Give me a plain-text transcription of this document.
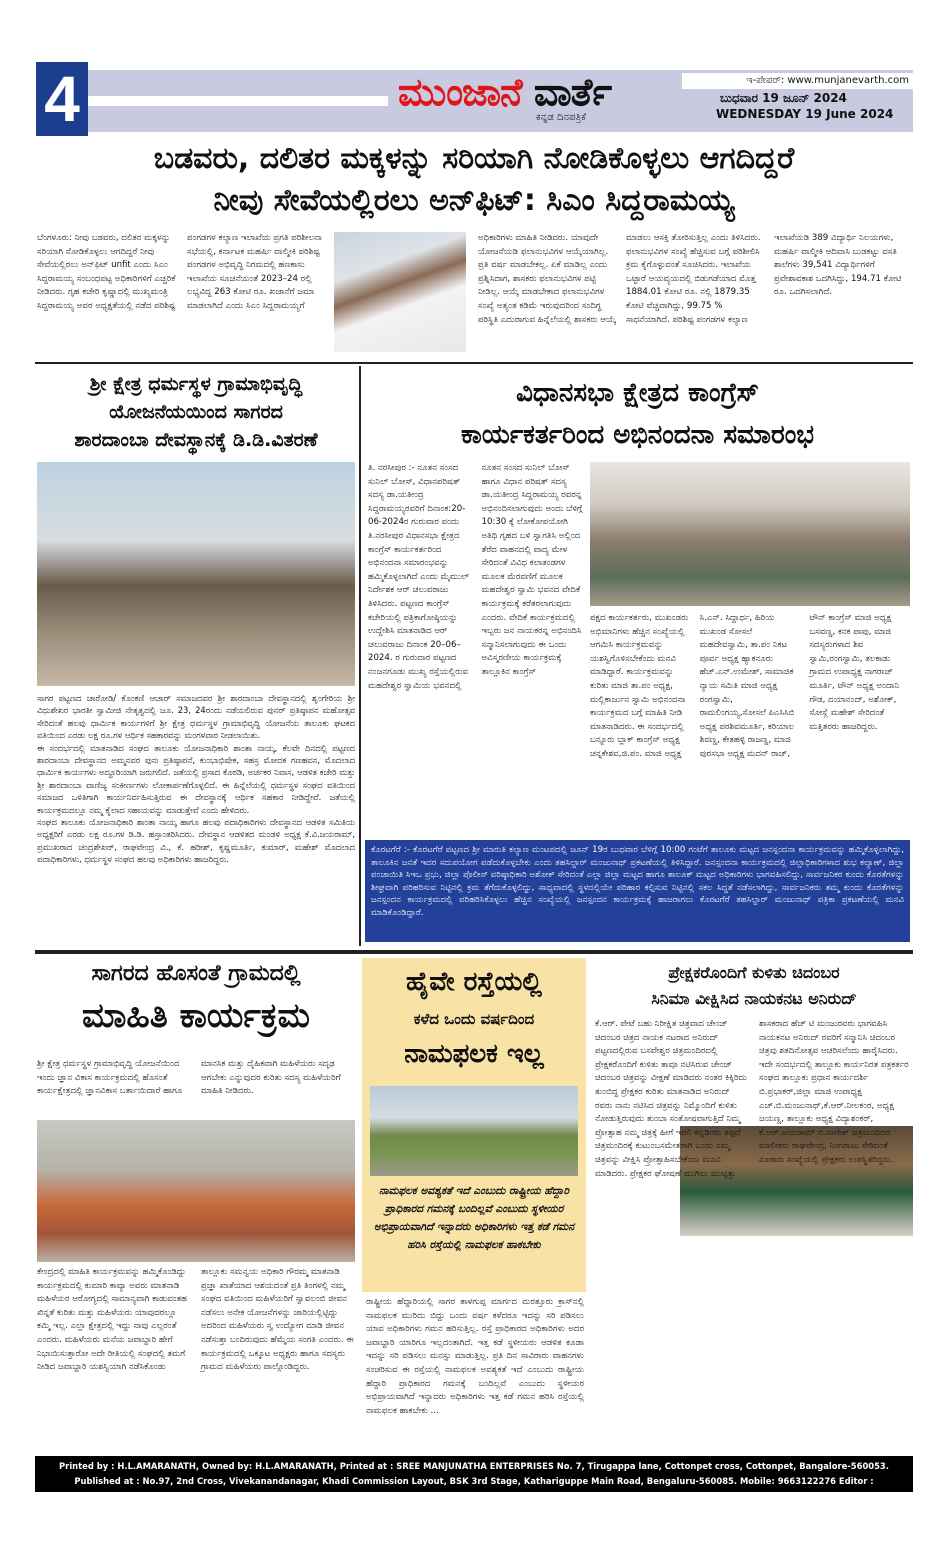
4	ಮುಂಜಾನೆ ವಾರ್ತೆ
ಕನ್ನಡ ದಿನಪತ್ರಿಕೆ
ಇ-ಪೇಪರ್: www.munjanevarth.com
ಬುಧವಾರ 19 ಜೂನ್ 2024
WEDNESDAY 19 June 2024
ಬಡವರು, ದಲಿತರ ಮಕ್ಕಳನ್ನು ಸರಿಯಾಗಿ ನೋಡಿಕೊಳ್ಳಲು ಆಗದಿದ್ದರೆ
ನೀವು ಸೇವೆಯಲ್ಲಿರಲು ಅನ್‌ಫಿಟ್: ಸಿಎಂ ಸಿದ್ದರಾಮಯ್ಯ
ಬೆಂಗಳೂರು: ನೀವು ಬಡವರು, ದಲಿತರ ಮಕ್ಕಳನ್ನು ಸರಿಯಾಗಿ ನೋಡಿಕೊಳ್ಳಲು ಆಗದಿದ್ದರೆ ನೀವು ಸೇವೆಯಲ್ಲಿರಲು ಅನ್‌ಫಿಟ್ unfit ಎಂದು ಸಿಎಂ ಸಿದ್ದರಾಮಯ್ಯ ಸಂಬಂಧಪಟ್ಟ ಅಧಿಕಾರಿಗಳಿಗೆ ಎಚ್ಚರಿಕೆ ನೀಡಿದರು. ಗೃಹ ಕಚೇರಿ ಕೃಷ್ಣಾದಲ್ಲಿ ಮುಖ್ಯಮಂತ್ರಿ ಸಿದ್ದರಾಮಯ್ಯ ಅವರ ಅಧ್ಯಕ್ಷತೆಯಲ್ಲಿ ನಡೆದ ಪರಿಶಿಷ್ಟ ಪಂಗಡಗಳ ಕಲ್ಯಾಣ ಇಲಾಖೆಯ ಪ್ರಗತಿ ಪರಿಶೀಲನಾ ಸಭೆಯಲ್ಲಿ, ಕರ್ನಾಟಕ ಮಹರ್ಷಿ ವಾಲ್ಮೀಕಿ ಪರಿಶಿಷ್ಟ ಪಂಗಡಗಳ ಅಭಿವೃದ್ಧಿ ನಿಗಮದಲ್ಲಿ ಹಣಕಾಸು ಇಲಾಖೆಯ ಸೂಚನೆಯಂತೆ 2023–24 ರಲ್ಲಿ ಲಭ್ಯವಿದ್ದ 263 ಕೋಟಿ ರೂ. ಖಜಾನೆಗೆ ಜಮಾ ಮಾಡಲಾಗಿದೆ ಎಂದು ಸಿಎಂ ಸಿದ್ದರಾಮಯ್ಯಗೆ
ಅಧಿಕಾರಿಗಳು ಮಾಹಿತಿ ನೀಡಿದರು. ಯಾವುದೇ ಯೋಜನೆಯಡಿ ಫಲಾನುಭವಿಗಳ ಆಯ್ಕೆಯಾಗಿಲ್ಲ. ಪ್ರತಿ ವರ್ಷ ಮಾಡಬೇಕಲ್ಲ. ಏಕೆ ಮಾಡಿಲ್ಲ ಎಂದು ಪ್ರಶ್ನಿಸಿದಾಗ, ಶಾಸಕರು ಫಲಾನುಭವಿಗಳ ಪಟ್ಟಿ ನೀಡಿಲ್ಲ. ಆಯ್ಕೆ ಮಾಡಬೇಕಾದ ಫಲಾನುಭವಿಗಳ ಸಂಖ್ಯೆ ಅತ್ಯಂತ ಕಡಿಮೆ ಇರುವುದರಿಂದ ಸಂದಿಗ್ಧ ಪರಿಸ್ಥಿತಿ ಎದುರಾಗುವ ಹಿನ್ನೆಲೆಯಲ್ಲಿ ಶಾಸಕರು ಆಯ್ಕೆ ಮಾಡಲು ಆಸಕ್ತಿ ತೋರಿಸುತ್ತಿಲ್ಲ ಎಂದು ತಿಳಿಸಿದರು. ಫಲಾನುಭವಿಗಳ ಸಂಖ್ಯೆ ಹೆಚ್ಚಿಸುವ ಬಗ್ಗೆ ಪರಿಶೀಲಿಸಿ ಕ್ರಮ ಕೈಗೊಳ್ಳುವಂತೆ ಸೂಚಿಸಿದರು. ಇಲಾಖೆಯ ಒಟ್ಟಾರೆ ಆಯವ್ಯಯದಲ್ಲಿ ಬಿಡುಗಡೆಯಾದ ಮೊತ್ತ 1884.01 ಕೋಟಿ ರೂ. ನಲ್ಲಿ 1879.35 ಕೋಟಿ ವೆಚ್ಚವಾಗಿದ್ದು, 99.75 % ಸಾಧನೆಯಾಗಿದೆ. ಪರಿಶಿಷ್ಟ ಪಂಗಡಗಳ ಕಲ್ಯಾಣ ಇಲಾಖೆಯಡಿ 389 ವಿದ್ಯಾರ್ಥಿ ನಿಲಯಗಳು, ಮಹರ್ಷಿ ವಾಲ್ಮೀಕಿ ಆದಿವಾಸಿ ಬುಡಕಟ್ಟು ವಸತಿ ಶಾಲೆಗಳು 39,541 ವಿದ್ಯಾರ್ಥಿಗಳಿಗೆ ಪ್ರವೇಶಾವಕಾಶ ಒದಗಿಸಿದ್ದು, 194.71 ಕೋಟಿ ರೂ. ಒದಗಿಸಲಾಗಿದೆ.
ಶ್ರೀ ಕ್ಷೇತ್ರ ಧರ್ಮಸ್ಥಳ ಗ್ರಾಮಾಭಿವೃದ್ಧಿ
ಯೋಜನೆಯಯಿಂದ ಸಾಗರದ
ಶಾರದಾಂಬಾ ದೇವಸ್ಥಾನಕ್ಕೆ ಡಿ.ಡಿ.ವಿತರಣೆ
ಸಾಗರ ಪಟ್ಟಣದ ಚಾರೋಡಿ/ ಕೊಂಕಣಿ ಆಚಾರ್ ಸಮಾಜದವರ ಶ್ರೀ ಶಾರದಾಂಬಾ ದೇವಸ್ಥಾನದಲ್ಲಿ ಶೃಂಗೇರಿಯ ಶ್ರೀ ವಿಧುಶೇಖರ ಭಾರತೀ ಸ್ವಾಮೀಜಿ ನೇತೃತ್ವದಲ್ಲಿ ಜೂ. 23, 24ರಂದು ನಡೆಯಲಿರುವ ಪುನರ್ ಪ್ರತಿಷ್ಠಾಪನ ಮಹೋತ್ಸವ ಸೇರಿದಂತೆ ಹಲವು ಧಾರ್ಮಿಕ ಕಾರ್ಯಗಳಿಗೆ ಶ್ರೀ ಕ್ಷೇತ್ರ ಧರ್ಮಸ್ಥಳ ಗ್ರಾಮಾಭಿವೃದ್ಧಿ ಯೋಜನೆಯ ತಾಲೂಕು ಘಟಕದ ವತಿಯಿಂದ ಎರಡು ಲಕ್ಷ ರೂ.ಗಳ ಆರ್ಥಿಕ ಸಹಕಾರವನ್ನು ಮಂಗಳವಾರ ನೀಡಲಾಯಿತು.
ಈ ಸಂದರ್ಭದಲ್ಲಿ ಮಾತನಾಡಿದ ಸಂಘದ ತಾಲೂಕು ಯೋಜನಾಧಿಕಾರಿ ಶಾಂತಾ ನಾಯ್ಕ, ಕೆಲವೇ ದಿನದಲ್ಲಿ ಪಟ್ಟಣದ ಶಾರದಾಂಬಾ ದೇವಸ್ಥಾನದ ಅಮ್ಮನವರ ಪುನಃ ಪ್ರತಿಷ್ಠಾಪನೆ, ಕುಂಭಾಭಿಷೇಕ, ಸಹಸ್ರ ಮೋದಕ ಗಣಹವನ, ಮೊದಲಾದ ಧಾರ್ಮಿಕ ಕಾರ್ಯಗಳು ಅದ್ಧೂರಿಯಾಗಿ ಜರುಗಲಿದೆ. ಜತೆಯಲ್ಲಿ ಪ್ರಸಾದ ಕೊಠಡಿ, ಅರ್ಚಕರ ನಿವಾಸ, ಆಡಳಿತ ಕಚೇರಿ ಮತ್ತು ಶ್ರೀ ಶಾರದಾಂಬಾ ವಾಣಿಜ್ಯ ಸಂಕೀರ್ಣಗಳು ಲೋಕಾರ್ಪಣೆಗೊಳ್ಳಲಿದೆ. ಈ ಹಿನ್ನೆಲೆಯಲ್ಲಿ ಧರ್ಮಸ್ಥಳ ಸಂಘದ ವತಿಯಿಂದ ಸಮಾಜದ ಒಳಿತಿಗಾಗಿ ಕಾರ್ಯನಿರ್ವಹಿಸುತ್ತಿರುವ ಈ ದೇವಸ್ಥಾನಕ್ಕೆ ಆರ್ಥಿಕ ಸಹಕಾರ ನೀಡಿದ್ದೇವೆ. ಜತೆಯಲ್ಲಿ ಕಾರ್ಯಕ್ರಮದಲ್ಲೂ ನಮ್ಮ ಕೈಲಾದ ಸಹಾಯವನ್ನು ಮಾಡುತ್ತೇವೆ ಎಂದು ಹೇಳಿದರು.
ಸಂಘದ ತಾಲೂಕು ಯೋಜನಾಧಿಕಾರಿ ಶಾಂತಾ ನಾಯ್ಕ ಹಾಗೂ ಹಲವು ಪದಾಧಿಕಾರಿಗಳು ದೇವಸ್ಥಾನದ ಆಡಳಿತ ಸಮಿತಿಯ ಅಧ್ಯಕ್ಷರಿಗೆ ಎರಡು ಲಕ್ಷ ರೂ.ಗಳ ಡಿ.ಡಿ. ಹಸ್ತಾಂತರಿಸಿದರು. ದೇವಸ್ಥಾನ ಆಡಳಿತದ ಮಂಡಳಿ ಅಧ್ಯಕ್ಷ ಕೆ.ವಿ.ಜಯರಾಮ್, ಪ್ರಮುಖರಾದ ಚಂದ್ರಶೇಖರ್, ರಾಘವೇಂದ್ರ ವಿ., ಕೆ. ಹರೀಶ್, ಕೃಷ್ಣಮೂರ್ತಿ, ಕುಮಾರ್, ಮಹೇಶ್ ಮೊದಲಾದ ಪದಾಧಿಕಾರಿಗಳು, ಧರ್ಮಸ್ಥಳ ಸಂಘದ ಹಲವು ಅಧಿಕಾರಿಗಳು ಹಾಜರಿದ್ದರು.
ವಿಧಾನಸಭಾ ಕ್ಷೇತ್ರದ ಕಾಂಗ್ರೆಸ್
ಕಾರ್ಯಕರ್ತರಿಂದ ಅಭಿನಂದನಾ ಸಮಾರಂಭ
ತಿ. ನರಸೀಪುರ :- ನೂತನ ಸಂಸದ ಸುನಿಲ್ ಬೋಸ್, ವಿಧಾನಪರಿಷತ್ ಸದಸ್ಯ ಡಾ.ಯತೀಂದ್ರ ಸಿದ್ದರಾಮಯ್ಯರವರಿಗೆ ದಿನಾಂಕ:20-06-2024ರ ಗುರುವಾರ ಪಂದು ತಿ.ನರಸೀಪುರ ವಿಧಾನಸಭಾ ಕ್ಷೇತ್ರದ ಕಾಂಗ್ರೆಸ್ ಕಾರ್ಯಕರ್ತರಿಂದ ಅಭಿನಂದನಾ ಸಮಾರಂಭವನ್ನು ಹಮ್ಮಿಕೊಳ್ಳಲಾಗಿದೆ ಎಂದು ಮೈಮುಲ್ ನಿರ್ದೇಶಕ ಆರ್ ಚಲುವರಾಜು ತಿಳಿಸಿದರು. ಪಟ್ಟಣದ ಕಾಂಗ್ರೆಸ್ ಕಚೇರಿಯಲ್ಲಿ ಪತ್ರಿಕಾಗೋಷ್ಠಿಯನ್ನು ಉದ್ದೇಶಿಸಿ ಮಾತನಾಡಿದ ಆರ್ ಚಲುವರಾಜು ದಿನಾಂಕ 20–06–2024. ರ ಗುರುವಾರ ಪಟ್ಟಣದ ನಂಜನಗೂಡು ಮುಖ್ಯ ರಸ್ತೆಯಲ್ಲಿರುವ ಮಹದೇಶ್ವರ ಸ್ವಾಮಿಯ ಭವನದಲ್ಲಿ ನೂತನ ಸಂಸದ ಸುನಿಲ್ ಬೋಸ್ ಹಾಗೂ ವಿಧಾನ ಪರಿಷತ್ ಸದಸ್ಯ ಡಾ.ಯತೀಂದ್ರ ಸಿದ್ದರಾಮಯ್ಯ ರವರನ್ನ ಅಭಿನಂದಿಸಲಾಗುವುದು ಅಂದು ಬೆಳಿಗ್ಗೆ 10:30 ಕ್ಕೆ ಲೋಕೋಪಯೋಗಿ ಅತಿಥಿ ಗೃಹದ ಬಳಿ ಸ್ವಾಗತಿಸಿ ಅಲ್ಲಿಂದ ತೆರೆದ ವಾಹನದಲ್ಲಿ ವಾದ್ಯ ಮೇಳ ಸೇರಿದಂತೆ ವಿವಿಧ ಕಲಾತಂಡಗಳ ಮೂಲಕ ಮೆರವಣಿಗೆ ಮೂಲಕ ಮಹದೇಶ್ವರ ಸ್ವಾಮಿ ಭವನದ ವೇದಿಕೆ ಕಾರ್ಯಕ್ರಮಕ್ಕೆ ಕರೆತರಲಾಗುವುದು ಎಂದರು. ವೇದಿಕೆ ಕಾರ್ಯಕ್ರಮದಲ್ಲಿ ಇಬ್ಬರು ಜನ ನಾಯಕರನ್ನ ಅಭಿನಂದಿಸಿ ಸನ್ಮಾನಿಸಲಾಗುವುದು ಈ ಒಂದು ಅವಿಸ್ಮರಣೀಯ ಕಾರ್ಯಕ್ರಮಕ್ಕೆ ತಾಲ್ಲೂಕಿನ ಕಾಂಗ್ರೆಸ್
ಪಕ್ಷದ ಕಾರ್ಯಕರ್ತರು, ಮುಖಂಡರು ಅಭಿಮಾನಿಗಳು ಹೆಚ್ಚಿನ ಸಂಖ್ಯೆಯಲ್ಲಿ ಆಗಮಿಸಿ ಕಾರ್ಯಕ್ರಮವನ್ನು ಯಶಸ್ವಿಗೊಳಿಸಬೇಕೆಂದು ಮನವಿ ಮಾಡಿದ್ದಾರೆ. ಕಾರ್ಯಕ್ರಮವನ್ನು ಕುರಿತು ಮಾಜಿ ತಾ.ಪಂ ಅಧ್ಯಕ್ಷ, ಮಲ್ಲಿಕಾರ್ಜುನ ಸ್ವಾಮಿ ಅಭಿನಂದನಾ ಕಾರ್ಯಕ್ರಮದ ಬಗ್ಗೆ ಮಾಹಿತಿ ನೀಡಿ ಮಾತನಾಡಿದರು. ಈ ಸಂದರ್ಭದಲ್ಲಿ ಬನ್ನೂರು ಬ್ಲಾಕ್ ಕಾಂಗ್ರೆಸ್ ಅಧ್ಯಕ್ಷ ಚನ್ನಕೇಶವ,ಜಿ.ಪಂ. ಮಾಜಿ ಅಧ್ಯಕ್ಷ ಸಿ.ಎನ್. ಸಿದ್ದಾರ್ಥ, ಹಿರಿಯ ಮುಖಂಡ ಸೋಸಲೆ ಮಹದೇವಸ್ವಾಮಿ, ತಾ.ಪಂ ನಿಕಟ ಪೂರ್ವ ಅಧ್ಯಕ್ಷ ಹ್ಯಾಕನೂರು ಹೆಚ್.ಎನ್.ಉಮೇಶ್, ಸಾಮಾಜಿಕ ನ್ಯಾಯ ಸಮಿತಿ ಮಾಜಿ ಅಧ್ಯಕ್ಷ ರಂಗಸ್ವಾಮಿ, ರಾಮಲಿಂಗಯ್ಯ,ಸೋಸಲೆ ಪಿಎಸಿಸಿಬಿ ಅಧ್ಯಕ್ಷ ಪರಶಿವಮೂರ್ತಿ, ಕರಿಯಾಲ ಶಿವಣ್ಣ, ಕೇತಹಳ್ಳಿ ರಾಜಣ್ಣ, ಮಾಜಿ ಪುರಸಭಾ ಅಧ್ಯಕ್ಷ ಮದನ್ ರಾಜ್, ಟೌನ್ ಕಾಂಗ್ರೆಸ್ ಮಾಜಿ ಅಧ್ಯಕ್ಷ ಬಸವಣ್ಣ, ಕನಕ ಪಾಪು, ಮಾಜಿ ಸದಸ್ಯರುಗಳಾದ ಶಿವ ಸ್ವಾಮಿ,ರಂಗಸ್ವಾಮಿ, ತಲಕಾಡು ಗ್ರಾಮದ ಉಪಾಧ್ಯಕ್ಷ ನಾಗರಾಜ್ ಮೂರ್ತಿ, ಟೌನ್ ಅಧ್ಯಕ್ಷ ಅಂದಾನಿ ಗೌಡ, ದಯಾನಂದ್, ಅಶೋಕ್, ಸೋಸ್ಲೆ ಮಹೇಶ್ ಸೇರಿದಂತೆ ಮತ್ತಿತರರು ಹಾಜರಿದ್ದರು.
ಕೊರಟಗೆರೆ :- ಕೊರಟಗೆರೆ ಪಟ್ಟಣದ ಶ್ರೀ ಮಾರುತಿ ಕಲ್ಯಾಣ ಮಂಟಪದಲ್ಲಿ ಜೂನ್ 19ರ ಬುಧವಾರ ಬೆಳಿಗ್ಗೆ 10:00 ಗಂಟೆಗೆ ತಾಲೂಕು ಮಟ್ಟದ ಜನಸ್ಪಂದನಾ ಕಾರ್ಯಕ್ರಮವನ್ನು ಹಮ್ಮಿಕೊಳ್ಳಲಾಗಿದ್ದು, ತಾಲೂಕಿನ ಜನತೆ ಇದರ ಸದುಪಯೋಗ ಪಡೆದುಕೊಳ್ಳಬೇಕು ಎಂದು ತಹಸಿಲ್ದಾರ್ ಮಂಜುನಾಥ್ ಪ್ರಕಟಣೆಯಲ್ಲಿ ತಿಳಿಸಿದ್ದಾರೆ. ಜನಸ್ಪಂದನಾ ಕಾರ್ಯಕ್ರಮದಲ್ಲಿ ಜಿಲ್ಲಾಧಿಕಾರಿಗಳಾದ ಶುಭ ಕಲ್ಯಾಣ್, ಜಿಲ್ಲಾ ಪಂಚಾಯಿತಿ ಸಿಇಒ ಪ್ರಭು, ಜಿಲ್ಲಾ ಪೊಲೀಸ್ ವರಿಷ್ಠಾಧಿಕಾರಿ ಅಶೋಕ್ ಸೇರಿದಂತೆ ಎಲ್ಲಾ ಜಿಲ್ಲಾ ಮಟ್ಟದ ಹಾಗೂ ತಾಲೂಕ್ ಮಟ್ಟದ ಅಧಿಕಾರಿಗಳು ಭಾಗವಹಿಸಲಿದ್ದು, ಸಾರ್ವಜನಿಕರ ಕುಂದು ಕೊರತೆಗಳನ್ನು ಶೀಘ್ರವಾಗಿ ಪರಿಹರಿಸುವ ನಿಟ್ಟಿನಲ್ಲಿ ಕ್ರಮ ತೆಗೆದುಕೊಳ್ಳಲಿದ್ದು, ಸಾಧ್ಯವಾದಲ್ಲಿ ಸ್ಥಳದಲ್ಲಿಯೇ ಪರಿಹಾರ ಕಲ್ಪಿಸುವ ನಿಟ್ಟಿನಲ್ಲಿ ಸಕಲ ಸಿದ್ಧತೆ ನಡೆಸಲಾಗಿದ್ದು, ಸಾರ್ವಜನಿಕರು ತಮ್ಮ ಕುಂದು ಕೊರತೆಗಳನ್ನು ಜನಸ್ಪಂದನ ಕಾರ್ಯಕ್ರಮದಲ್ಲಿ ಪರಿಹರಿಸಿಕೊಳ್ಳಲು ಹೆಚ್ಚಿನ ಸಂಖ್ಯೆಯಲ್ಲಿ ಜನಸ್ಪಂದನ ಕಾರ್ಯಕ್ರಮಕ್ಕೆ ಹಾಜರಾಗಲು ಕೊರಟಗೆರೆ ತಹಸಿಲ್ದಾರ್ ಮಂಜುನಾಥ್ ಪತ್ರಿಕಾ ಪ್ರಕಟಣೆಯಲ್ಲಿ ಮನವಿ ಮಾಡಿಕೊಂಡಿದ್ದಾರೆ.
ಸಾಗರದ ಹೊಸಂತೆ ಗ್ರಾಮದಲ್ಲಿ
ಮಾಹಿತಿ ಕಾರ್ಯಕ್ರಮ
ಶ್ರೀ ಕ್ಷೇತ್ರ ಧರ್ಮಸ್ಥಳ ಗ್ರಾಮಾಭಿವೃದ್ಧಿ ಯೋಜನೆಯಿಂದ ಇಂದು ಜ್ಞಾನ ವಿಕಾಸ ಕಾರ್ಯಕ್ರಮದಲ್ಲಿ ಹೊಸಂತೆ ಕಾರ್ಯಕ್ಷೇತ್ರದಲ್ಲಿ ಜ್ಞಾನವಿಕಾಸ ಬರ್ತಾಯಿದಾರೆ ಹಾಗೂ ಮಾನಸಿಕ ಮತ್ತು ದೈಹಿಕವಾಗಿ ಮಹಿಳೆಯರು ಸದೃಢ ಆಗಬೇಕು ಎನ್ನುವುದರ ಕುರಿತು ಸದಸ್ಯ ಮಹಿಳೆಯರಿಗೆ ಮಾಹಿತಿ ನೀಡಿದರು.
ಕೇಂದ್ರದಲ್ಲಿ ಮಾಹಿತಿ ಕಾರ್ಯಕ್ರಮವನ್ನು ಹಮ್ಮಿಕೊಂಡಿದ್ದು ಕಾರ್ಯಕ್ರಮದಲ್ಲಿ ಕುಮಾರಿ ಕಾವ್ಯಾ ಅವರು ಮಾತನಾಡಿ ಮಹಿಳೆಯರ ಆರೋಗ್ಯದಲ್ಲಿ ಸಾಮಾನ್ಯವಾಗಿ ಕಾಡುವಂತಹ ಖಿನ್ನತೆ ಕುರಿತು ಮತ್ತು ಮಹಿಳೆಯರು ಯಾವುದರಲ್ಲೂ ಕಮ್ಮಿ ಇಲ್ಲ. ಎಲ್ಲಾ ಕ್ಷೇತ್ರದಲ್ಲಿ ಇದ್ದು ನಾವು ಎಲ್ಲರಂತೆ ಎಂದರು. ಮಹಿಳೆಯರು ಮನೆಯ ಜವಾಬ್ದಾರಿ ಹೇಗೆ ನಿಭಾಯಿಸುತ್ತಾರೋ ಅದೇ ರೀತಿಯಲ್ಲಿ ಸಂಘದಲ್ಲಿ ತಮಗೆ ನೀಡಿದ ಜವಾಬ್ದಾರಿ ಯಶಸ್ವಿಯಾಗಿ ನಡೆಸಿಕೊಂಡು ತಾಲ್ಲೂಕು ಸಮನ್ವಯ ಅಧಿಕಾರಿ ಗೌರಮ್ಮ ಮಾತನಾಡಿ ಪ್ರಜ್ಞಾ ಖಾತೆಯಾದ ಆಶಯದಂತೆ ಪ್ರತಿ ತಿಂಗಳಲ್ಲಿ ನಮ್ಮ ಸಂಘದ ವತಿಯಿಂದ ಮಹಿಳೆಯರಿಗೆ ಸ್ವಾವಲಂಬಿ ಜೀವನ ನಡೆಸಲು ಅನೇಕ ಯೋಜನೆಗಳನ್ನು ಜಾರಿಯಲ್ಲಿಟ್ಟಿದ್ದು ಅದರಿಂದ ಮಹಿಳೆಯರು ಸ್ವ ಉದ್ಯೋಗ ಮಾಡಿ ಜೀವನ ನಡೆಸುತ್ತಾ ಬಂದಿರುವುದು ಹೆಮ್ಮೆಯ ಸಂಗತಿ ಎಂದರು. ಈ ಕಾರ್ಯಕ್ರಮದಲ್ಲಿ ಒಕ್ಕೂಟ ಅಧ್ಯಕ್ಷರು ಹಾಗೂ ಸದಸ್ಯರು ಗ್ರಾಮದ ಮಹಿಳೆಯರು ಪಾಲ್ಗೊಂಡಿದ್ದರು.
ಹೈವೇ ರಸ್ತೆಯಲ್ಲಿ
ಕಳೆದ ಒಂದು ವರ್ಷದಿಂದ
ನಾಮಫಲಕ ಇಲ್ಲ
ನಾಮಫಲಕ ಅವಶ್ಯಕತೆ ಇದೆ ಎಂಬುದು ರಾಷ್ಟ್ರೀಯ ಹೆದ್ದಾರಿ ಪ್ರಾಧಿಕಾರದ ಗಮನಕ್ಕೆ ಬಂದಿಲ್ಲವೆ ಎಂಬುದು ಸ್ಥಳೀಯರ ಅಭಿಪ್ರಾಯವಾಗಿದೆ ಇನ್ನಾದರು ಅಧಿಕಾರಿಗಳು ಇತ್ತ ಕಡೆ ಗಮನ ಹರಿಸಿ ರಸ್ತೆಯಲ್ಲಿ ನಾಮಫಲಕ ಹಾಕಬೇಕು
ರಾಷ್ಟ್ರೀಯ ಹೆದ್ದಾರಿಯಲ್ಲಿ ಸಾಗರ ತಾಳಗುಪ್ಪ ಮಾರ್ಗದ ಮರತ್ತೂರು ಕ್ರಾಸ್‌ನಲ್ಲಿ ನಾಮಫಲಕ ಮುರಿದು ಬಿದ್ದು ಒಂದು ವರ್ಷ ಕಳೆದರೂ ಇದನ್ನು ಸರಿ ಪಡಿಸಲು ಯಾವ ಅಧಿಕಾರಿಗಳು ಗಮನ ಹರಿಸುತ್ತಿಲ್ಲ. ರಸ್ತೆ ಪ್ರಾಧಿಕಾರದ ಅಧಿಕಾರಿಗಳು ಅದರ ಜವಾಬ್ದಾರಿ ಯಾರಿಗೂ ಇಲ್ಲದಂತಾಗಿದೆ. ಇತ್ತ ಕಡೆ ಸ್ಥಳೀಯರು ಆಡಳಿತ ಕೂಡಾ ಇದನ್ನು ಸರಿ ಪಡಿಸಲು ಮನಸ್ಸು ಮಾಡುತ್ತಿಲ್ಲ. ಪ್ರತಿ ದಿನ ಸಾವಿರಾರು ವಾಹನಗಳು ಸಂಚರಿಸುವ ಈ ರಸ್ತೆಯಲ್ಲಿ ನಾಮಫಲಕ ಅವಶ್ಯಕತೆ ಇದೆ ಎಂಬುದು ರಾಷ್ಟ್ರೀಯ ಹೆದ್ದಾರಿ ಪ್ರಾಧಿಕಾರದ ಗಮನಕ್ಕೆ ಬಂದಿಲ್ಲವೆ ಎಂಬುದು ಸ್ಥಳೀಯರ ಅಭಿಪ್ರಾಯವಾಗಿದೆ ಇನ್ನಾದರು ಅಧಿಕಾರಿಗಳು ಇತ್ತ ಕಡೆ ಗಮನ ಹರಿಸಿ ರಸ್ತೆಯಲ್ಲಿ ನಾಮಫಲಕ ಹಾಕಬೇಕು ...
ಪ್ರೇಕ್ಷಕರೊಂದಿಗೆ ಕುಳಿತು ಚಿದಂಬರ
ಸಿನಿಮಾ ವೀಕ್ಷಿಸಿದ ನಾಯಕನಟ ಅನಿರುದ್
ಕೆ.ಆರ್. ಪೇಟೆ ಬಹು ನಿರೀಕ್ಷಿತ ಚಿತ್ರವಾದ ಚೇಂಜ್ ಚಿದಂಬರ ಚಿತ್ರದ ನಾಯಕ ನಟರಾದ ಅನಿರುದ್ ಪಟ್ಟಣದಲ್ಲಿರುವ ಬಸವೇಶ್ವರ ಚಿತ್ರಮಂದಿರದಲ್ಲಿ ಪ್ರೇಕ್ಷಕರೊಂದಿಗೆ ಕುಳಿತು ತಾವೂ ನಟಿಸಿರುವ ಚೇಂಜ್ ಚಿದಂಬರ ಚಿತ್ರವನ್ನು ವೀಕ್ಷಣೆ ಮಾಡಿದರು ನಂತರ ಕಿಕ್ಕಿರಿದು ತುಂಬಿದ್ದ ಪ್ರೇಕ್ಷಕರ ಕುರಿತು ಮಾತನಾಡಿದ ಅನಿರುದ್ ರವರು ನಾನು ನಟಿಸಿದ ಚಿತ್ರವನ್ನು ನಿಮ್ಮೊಂದಿಗೆ ಕುಳಿತು ನೋಡುತ್ತಿರುವುದು ತುಂಬಾ ಸಂತೋಷವಾಗುತ್ತಿದೆ ನಿಮ್ಮ ಪ್ರೋತ್ಸಾಹ ನಮ್ಮ ಚಿತ್ರಕ್ಕೆ ಹೀಗೆ ಇರಲಿ ಕನ್ನಡಿಗರು ತಪ್ಪದೆ ಚಿತ್ರಮಂದಿರಕ್ಕೆ ಕುಟುಂಬಸಮೇತರಾಗಿ ಬಂದು ನಮ್ಮ ಚಿತ್ರವನ್ನು ವೀಕ್ಷಿಸಿ ಪ್ರೋತ್ಸಾಹಿಸಬೇಕೆಂದು ಮನವಿ ಮಾಡಿದರು. ಪ್ರೇಕ್ಷಕರ ಘೋಷಣೆ ಮುಗಿಲು ಮುಟ್ಟಿತ್ತು ಶಾಸಕರಾದ ಹೆಚ್ ಟಿ ಮಂಜುರವರು ಭಾಗವಹಿಸಿ ನಾಯಕನಟ ಅನಿರುದ್ ರವರಿಗೆ ಸನ್ಮಾನಿಸಿ ಚಿದಂಬರ ಚಿತ್ರವು ಶತದಿನೋತ್ಸವ ಆಚರಿಸಲೆಂದು ಹಾರೈಸಿದರು. ಇದೇ ಸಂದರ್ಭದಲ್ಲಿ ತಾಲ್ಲೂಕು ಕಾರ್ಯನಿರತ ಪತ್ರಕರ್ತರ ಸಂಘದ ತಾಲ್ಲೂಕು ಪ್ರಧಾನ ಕಾರ್ಯದರ್ಶಿ ಬಿ.ಪ್ರಭಾಕರ್,ಜಿಲ್ಲಾ ಮಾಜಿ ಉಪಾಧ್ಯಕ್ಷ ಎಚ್.ಬಿ.ಮಂಜುನಾಥ್,ಕೆ.ಆರ್.ನೀಲಕಂಠ, ಅಧ್ಯಕ್ಷ ಜಯಣ್ಣ, ತಾಲ್ಲೂಕು ಅಧ್ಯಕ್ಷ ವಿದ್ಯಾಶಂಕರ್, ಕೆ.ಆರ್.ಜಯರಾಮ್ ಬಿ.ನಾಗೇಶ್ ಚಿತ್ರಮಂದಿರದ ಮಾಲೀಕರು ರಾಘವೇಂದ್ರ, ನಿಂಗರಾಜು ಸೇರಿದಂತೆ ನೂರಾರು ಸಂಖ್ಯೆಯಲ್ಲಿ ಪ್ರೇಕ್ಷಕರು ಉಪಸ್ಥಿತರಿದ್ದರು.
Printed by : H.L.AMARANATH, Owned by: H.L.AMARANATH, Printed at : SREE MANJUNATHA ENTERPRISES No. 7, Tirugappa lane, Cottonpet cross, Cottonpet, Bangalore-560053.
Published at : No.97, 2nd Cross, Vivekanandanagar, Khadi Commission Layout, BSK 3rd Stage, Kathariguppe Main Road, Bengaluru-560085. Mobile: 9663122276 Editor : H.L.AMARANATH
